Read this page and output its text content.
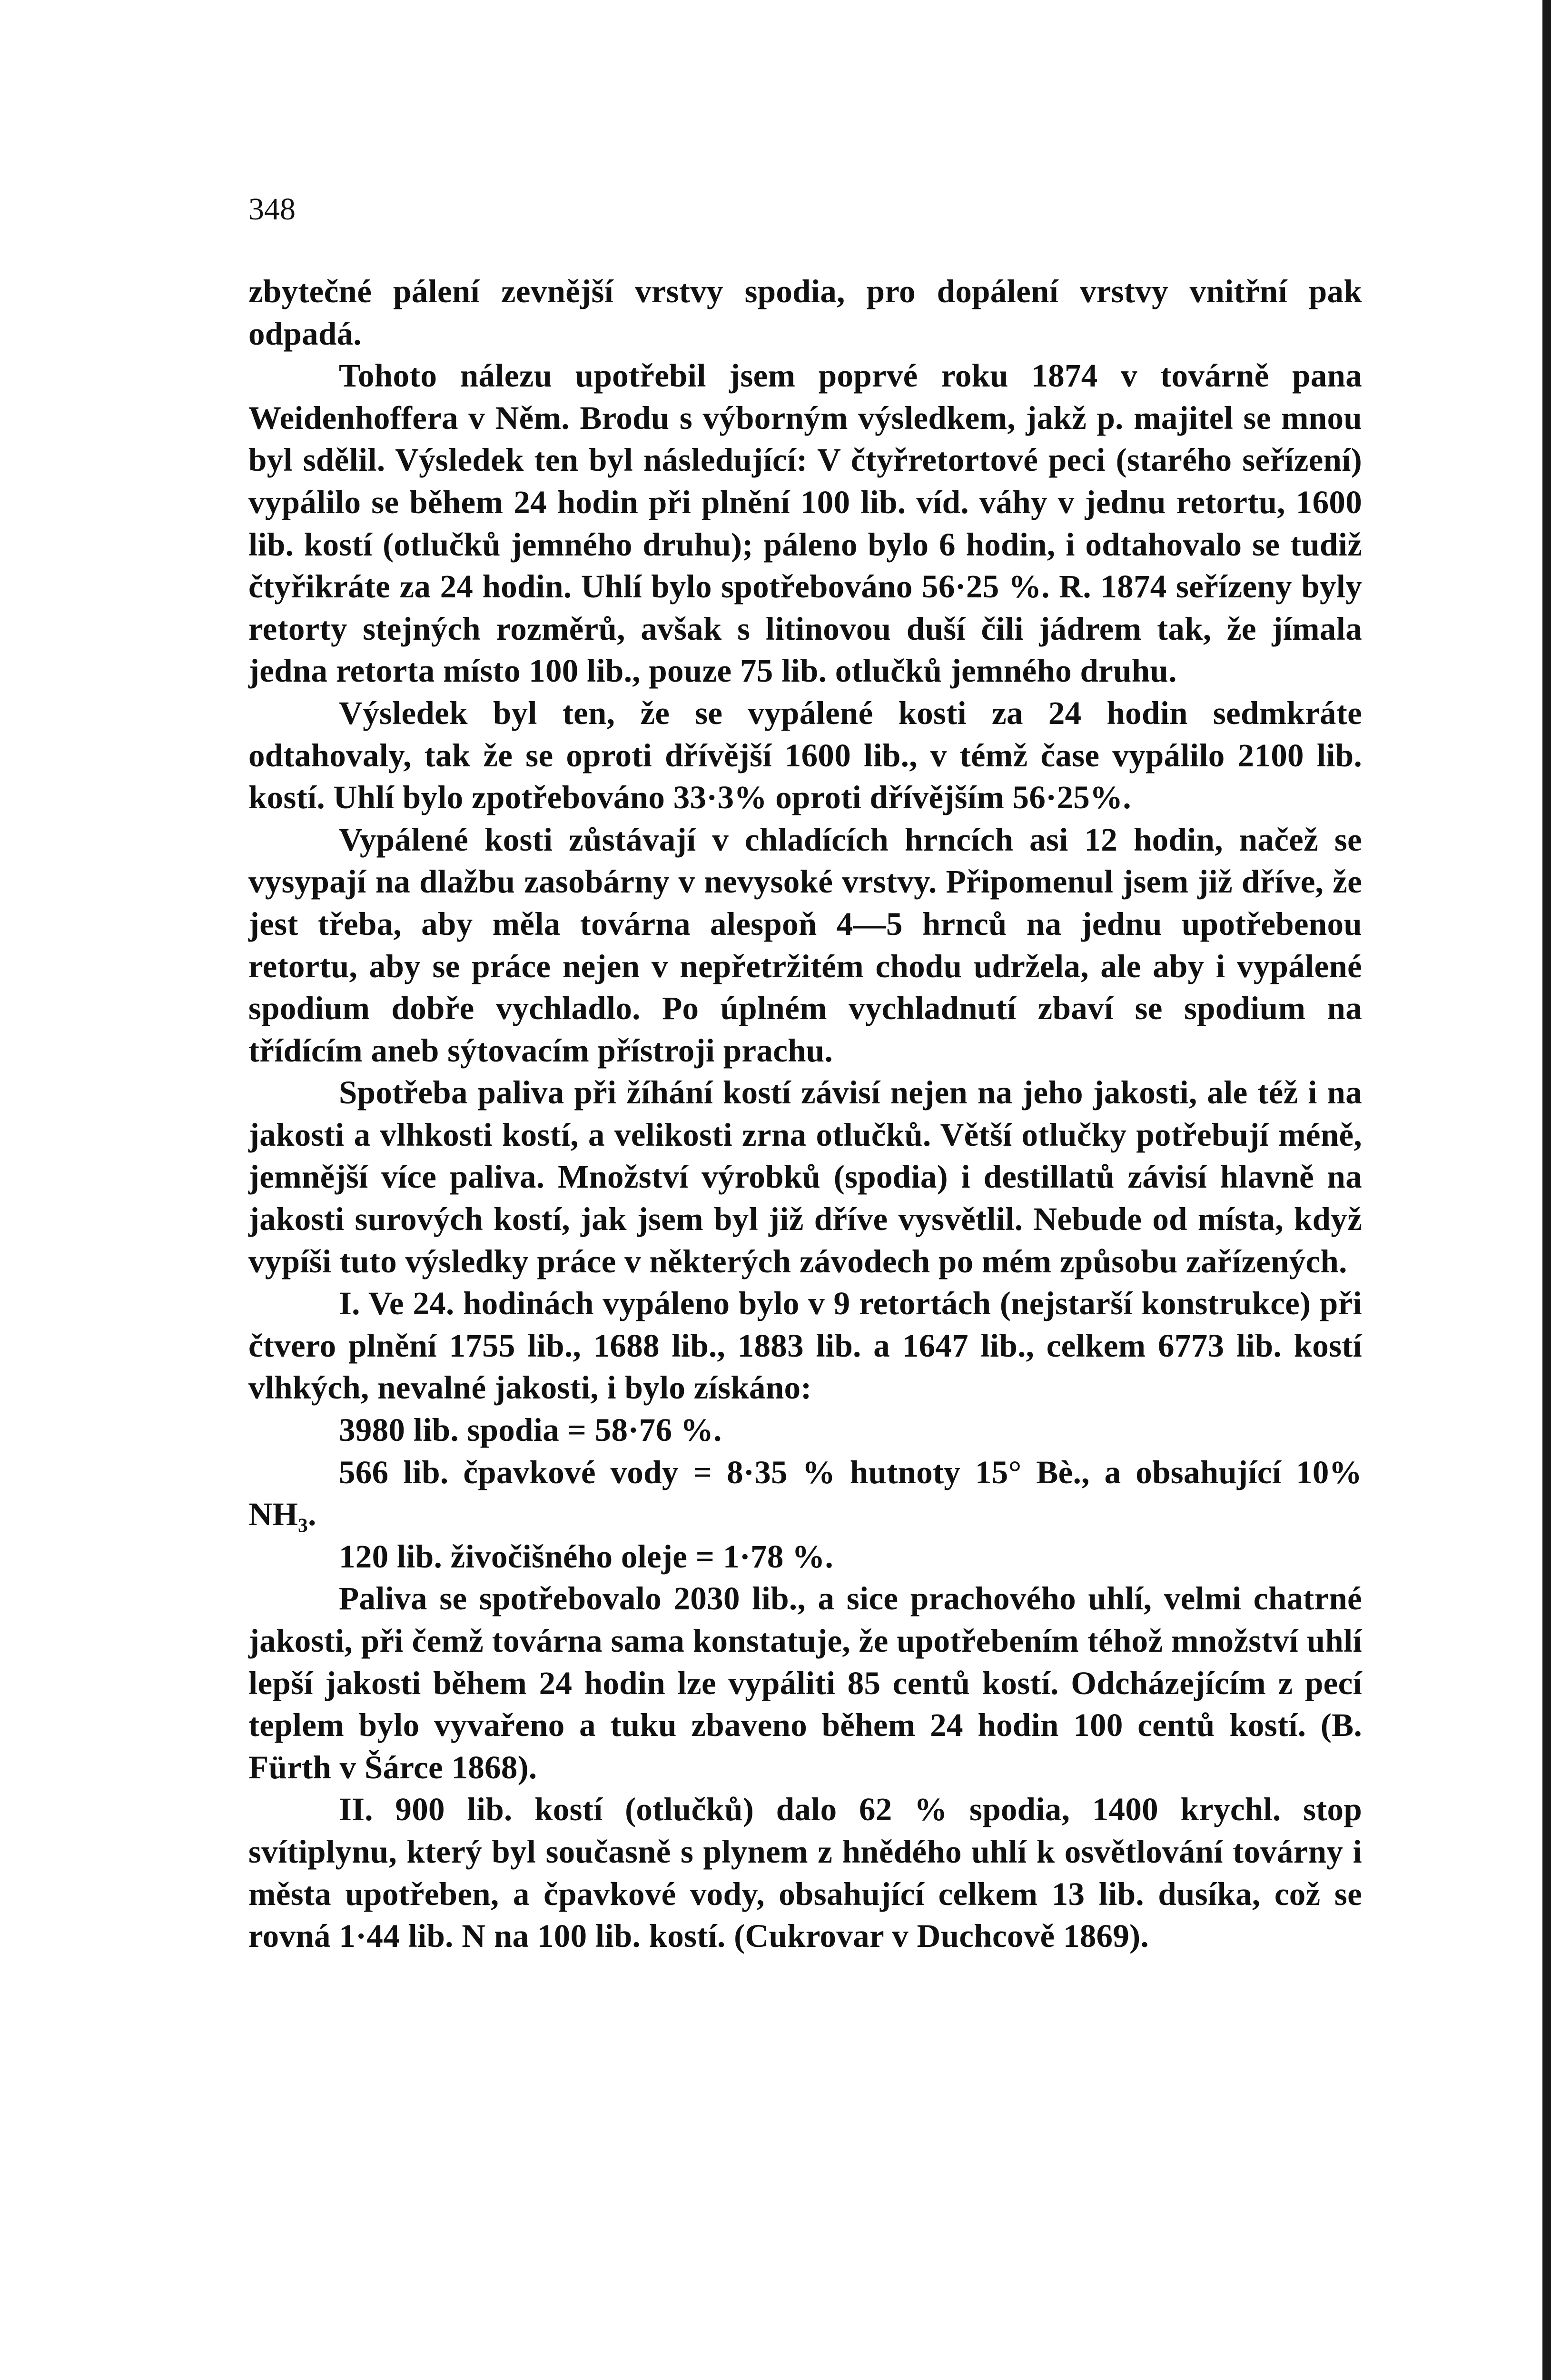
348

zbytečné pálení zevnější vrstvy spodia, pro dopálení vrstvy vnitřní pak odpadá.

Tohoto nálezu upotřebil jsem poprvé roku 1874 v továrně pana Weidenhoffera v Něm. Brodu s výborným výsledkem, jakž p. majitel se mnou byl sdělil. Výsledek ten byl následující: V čtyřretortové peci (starého seřízení) vypálilo se během 24 hodin při plnění 100 lib. víd. váhy v jednu retortu, 1600 lib. kostí (otlučků jemného druhu); páleno bylo 6 hodin, i odtahovalo se tudiž čtyřikráte za 24 hodin. Uhlí bylo spotřebováno 56·25 %. R. 1874 seřízeny byly retorty stejných rozměrů, avšak s litinovou duší čili jádrem tak, že jímala jedna retorta místo 100 lib., pouze 75 lib. otlučků jemného druhu.

Výsledek byl ten, že se vypálené kosti za 24 hodin sedmkráte odtahovaly, tak že se oproti dřívější 1600 lib., v témž čase vypálilo 2100 lib. kostí. Uhlí bylo zpotřebováno 33·3% oproti dřívějším 56·25%.

Vypálené kosti zůstávají v chladících hrncích asi 12 hodin, načež se vysypají na dlažbu zasobárny v nevysoké vrstvy. Připomenul jsem již dříve, že jest třeba, aby měla továrna alespoň 4—5 hrnců na jednu upotřebenou retortu, aby se práce nejen v nepřetržitém chodu udržela, ale aby i vypálené spodium dobře vychladlo. Po úplném vychladnutí zbaví se spodium na třídícím aneb sýtovacím přístroji prachu.

Spotřeba paliva při žíhání kostí závisí nejen na jeho jakosti, ale též i na jakosti a vlhkosti kostí, a velikosti zrna otlučků. Větší otlučky potřebují méně, jemnější více paliva. Množství výrobků (spodia) i destillatů závisí hlavně na jakosti surových kostí, jak jsem byl již dříve vysvětlil. Nebude od místa, když vypíši tuto výsledky práce v některých závodech po mém způsobu zařízených.

I. Ve 24. hodinách vypáleno bylo v 9 retortách (nejstarší konstrukce) při čtvero plnění 1755 lib., 1688 lib., 1883 lib. a 1647 lib., celkem 6773 lib. kostí vlhkých, nevalné jakosti, i bylo získáno:

3980 lib. spodia = 58·76 %.

566 lib. čpavkové vody = 8·35 % hutnoty 15° Bè., a obsahující 10% NH₃.

120 lib. živočišného oleje = 1·78 %.

Paliva se spotřebovalo 2030 lib., a sice prachového uhlí, velmi chatrné jakosti, při čemž továrna sama konstatuje, že upotřebením téhož množství uhlí lepší jakosti během 24 hodin lze vypáliti 85 centů kostí. Odcházejícím z pecí teplem bylo vyvařeno a tuku zbaveno během 24 hodin 100 centů kostí. (B. Fürth v Šárce 1868).

II. 900 lib. kostí (otlučků) dalo 62 % spodia, 1400 krychl. stop svítiplynu, který byl současně s plynem z hnědého uhlí k osvětlování továrny i města upotřeben, a čpavkové vody, obsahující celkem 13 lib. dusíka, což se rovná 1·44 lib. N na 100 lib. kostí. (Cukrovar v Duchcově 1869).
